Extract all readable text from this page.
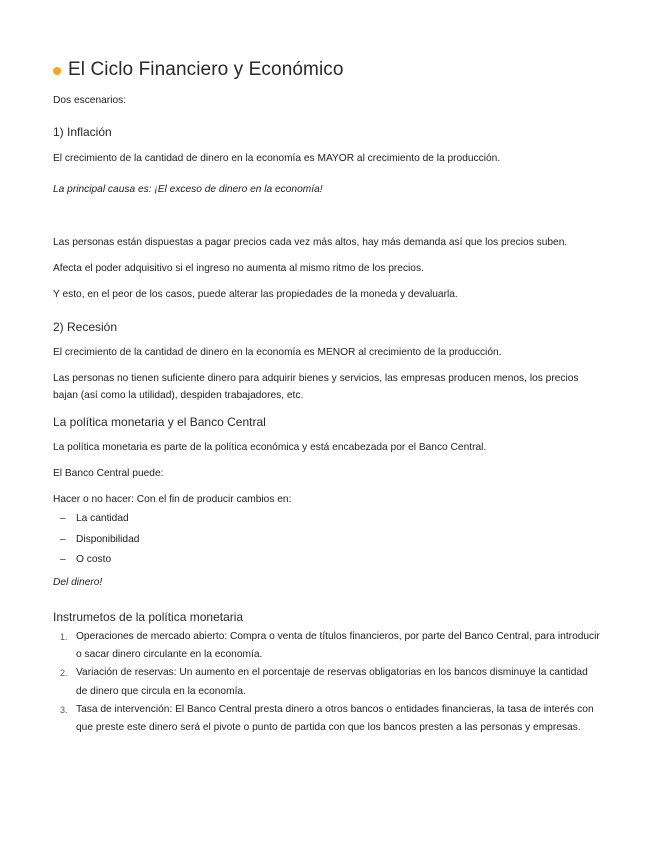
El Ciclo Financiero y Económico

Dos escenarios:

1) Inflación

El crecimiento de la cantidad de dinero en la economía es MAYOR al crecimiento de la producción.

La principal causa es: ¡El exceso de dinero en la economía!

Las personas están dispuestas a pagar precios cada vez más altos, hay más demanda así que los precios suben.

Afecta el poder adquisitivo si el ingreso no aumenta al mismo ritmo de los precios.

Y esto, en el peor de los casos, puede alterar las propiedades de la moneda y devaluarla.

2) Recesión

El crecimiento de la cantidad de dinero en la economía es MENOR al crecimiento de la producción.

Las personas no tienen suficiente dinero para adquirir bienes y servicios, las empresas producen menos, los precios bajan (así como la utilidad), despiden trabajadores, etc.

La política monetaria y el Banco Central

La política monetaria es parte de la política económica y está encabezada por el Banco Central.

El Banco Central puede:

Hacer o no hacer: Con el fin de producir cambios en:

– La cantidad
– Disponibilidad
– O costo

Del dinero!

Instrumetos de la política monetaria

1. Operaciones de mercado abierto: Compra o venta de títulos financieros, por parte del Banco Central, para introducir o sacar dinero circulante en la economía.
2. Variación de reservas: Un aumento en el porcentaje de reservas obligatorias en los bancos disminuye la cantidad de dinero que circula en la economía.
3. Tasa de intervención: El Banco Central presta dinero a otros bancos o entidades financieras, la tasa de interés con que preste este dinero será el pivote o punto de partida con que los bancos presten a las personas y empresas.
